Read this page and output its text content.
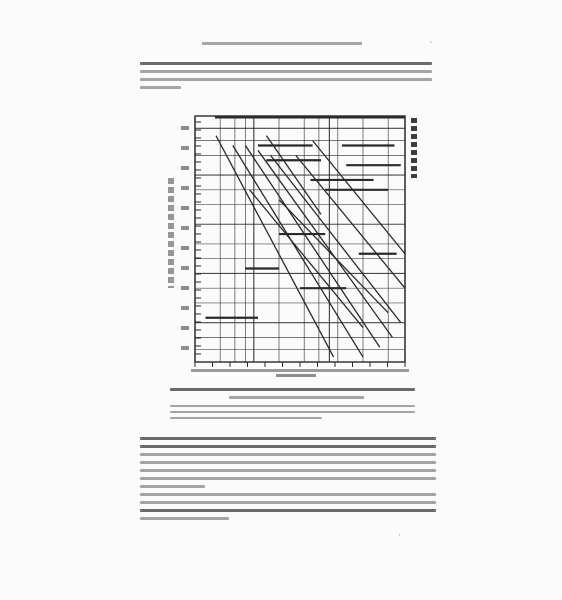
,
'
